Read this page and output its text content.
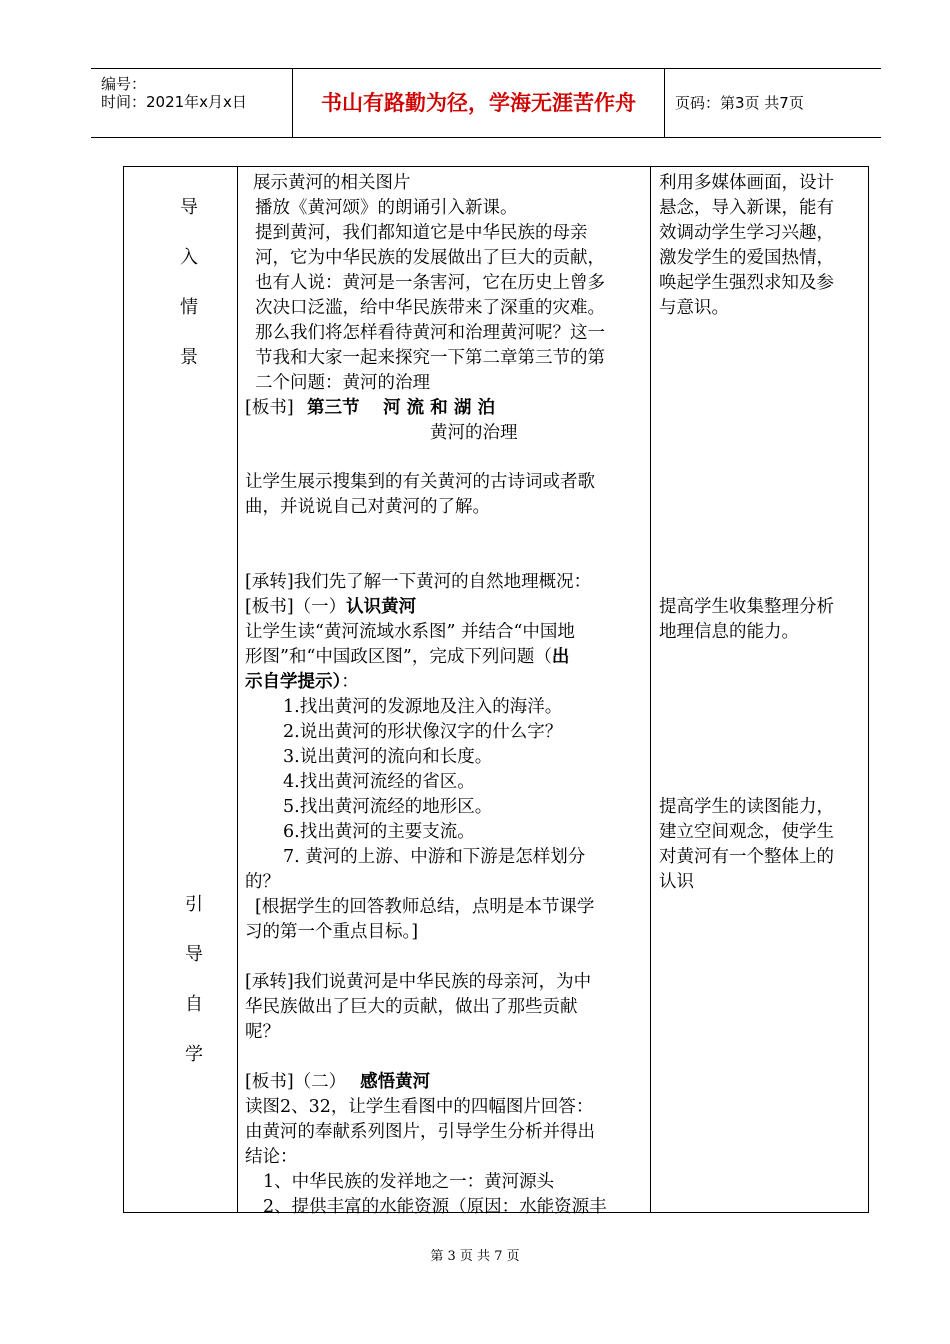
编号：
时间：2021年x月x日	书山有路勤为径，学海无涯苦作舟	页码：第3页 共7页
导
入
情
景
引
导
自
学
展示黄河的相关图片
播放《黄河颂》的朗诵引入新课。
提到黄河，我们都知道它是中华民族的母亲
河，它为中华民族的发展做出了巨大的贡献，
也有人说：黄河是一条害河，它在历史上曾多
次决口泛滥，给中华民族带来了深重的灾难。
那么我们将怎样看待黄河和治理黄河呢？这一
节我和大家一起来探究一下第二章第三节的第
二个问题：黄河的治理
[板书] 第三节　 河 流 和 湖 泊
黄河的治理
让学生展示搜集到的有关黄河的古诗词或者歌
曲，并说说自己对黄河的了解。
[承转]我们先了解一下黄河的自然地理概况：
[板书]（一）认识黄河
让学生读“黄河流域水系图” 并结合“中国地
形图”和“中国政区图”，完成下列问题（出
示自学提示）：
1.找出黄河的发源地及注入的海洋。
2.说出黄河的形状像汉字的什么字？
3.说出黄河的流向和长度。
4.找出黄河流经的省区。
5.找出黄河流经的地形区。
6.找出黄河的主要支流。
7. 黄河的上游、中游和下游是怎样划分
的？
[根据学生的回答教师总结，点明是本节课学
习的第一个重点目标。]
[承转]我们说黄河是中华民族的母亲河，为中
华民族做出了巨大的贡献，做出了那些贡献
呢？
[板书]（二） 感悟黄河
读图2、32，让学生看图中的四幅图片回答：
由黄河的奉献系列图片，引导学生分析并得出
结论：
1、中华民族的发祥地之一：黄河源头
2、提供丰富的水能资源（原因：水能资源丰
利用多媒体画面，设计
悬念，导入新课，能有
效调动学生学习兴趣，
激发学生的爱国热情，
唤起学生强烈求知及参
与意识。
提高学生收集整理分析
地理信息的能力。
提高学生的读图能力，
建立空间观念，使学生
对黄河有一个整体上的
认识
第 3 页 共 7 页
